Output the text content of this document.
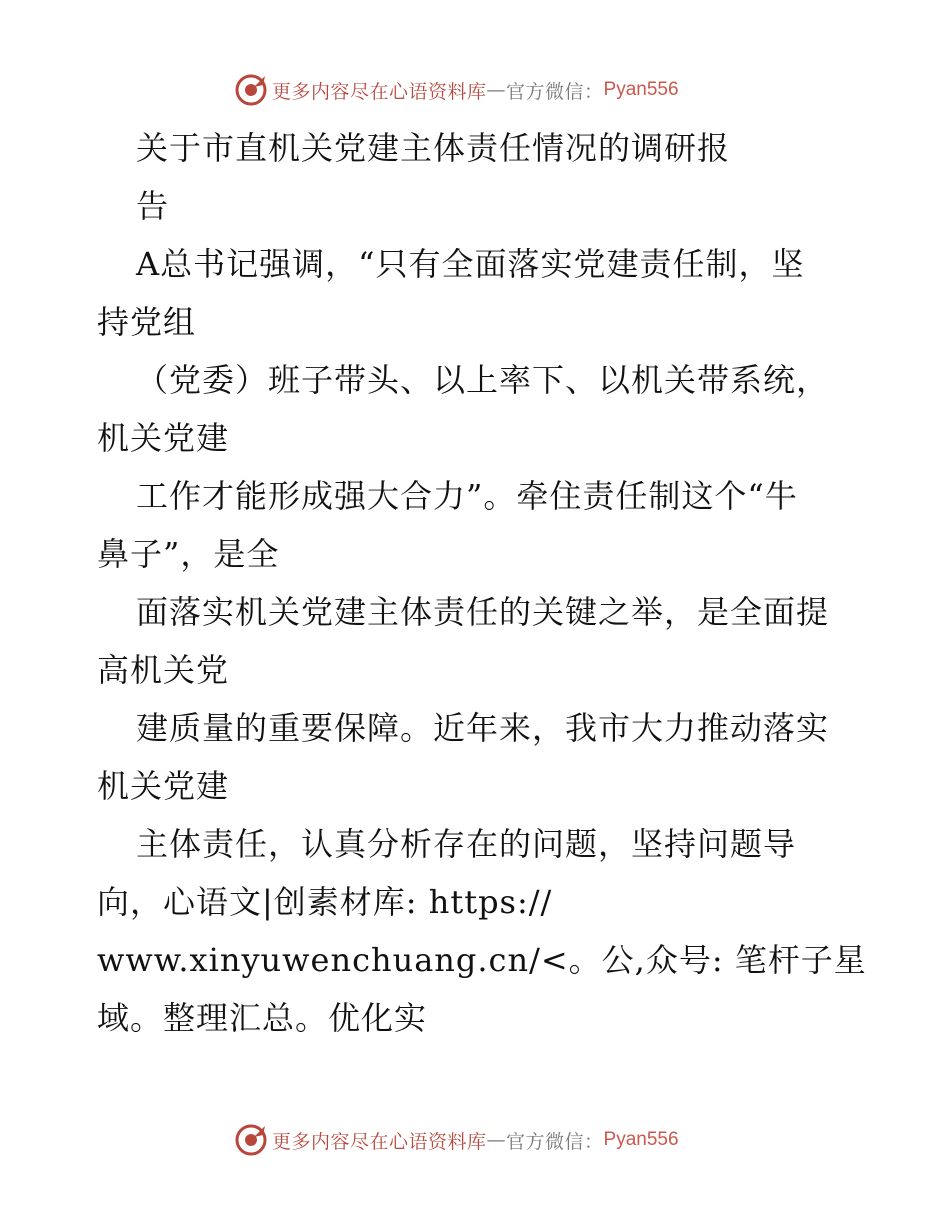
更多内容尽在心语资料库 — 官方微信： Pyan556
关于市直机关党建主体责任情况的调研报
告
A总书记强调，“只有全面落实党建责任制，坚
持党组
（党委）班子带头、以上率下、以机关带系统，
机关党建
工作才能形成强大合力”。牵住责任制这个“牛
鼻子”，是全
面落实机关党建主体责任的关键之举，是全面提
高机关党
建质量的重要保障。近年来，我市大力推动落实
机关党建
主体责任，认真分析存在的问题，坚持问题导
向，心语文|创素材库: https://
www.xinyuwenchuang.cn/<。公,众号: 笔杆子星
域。整理汇总。优化实
更多内容尽在心语资料库 — 官方微信： Pyan556
